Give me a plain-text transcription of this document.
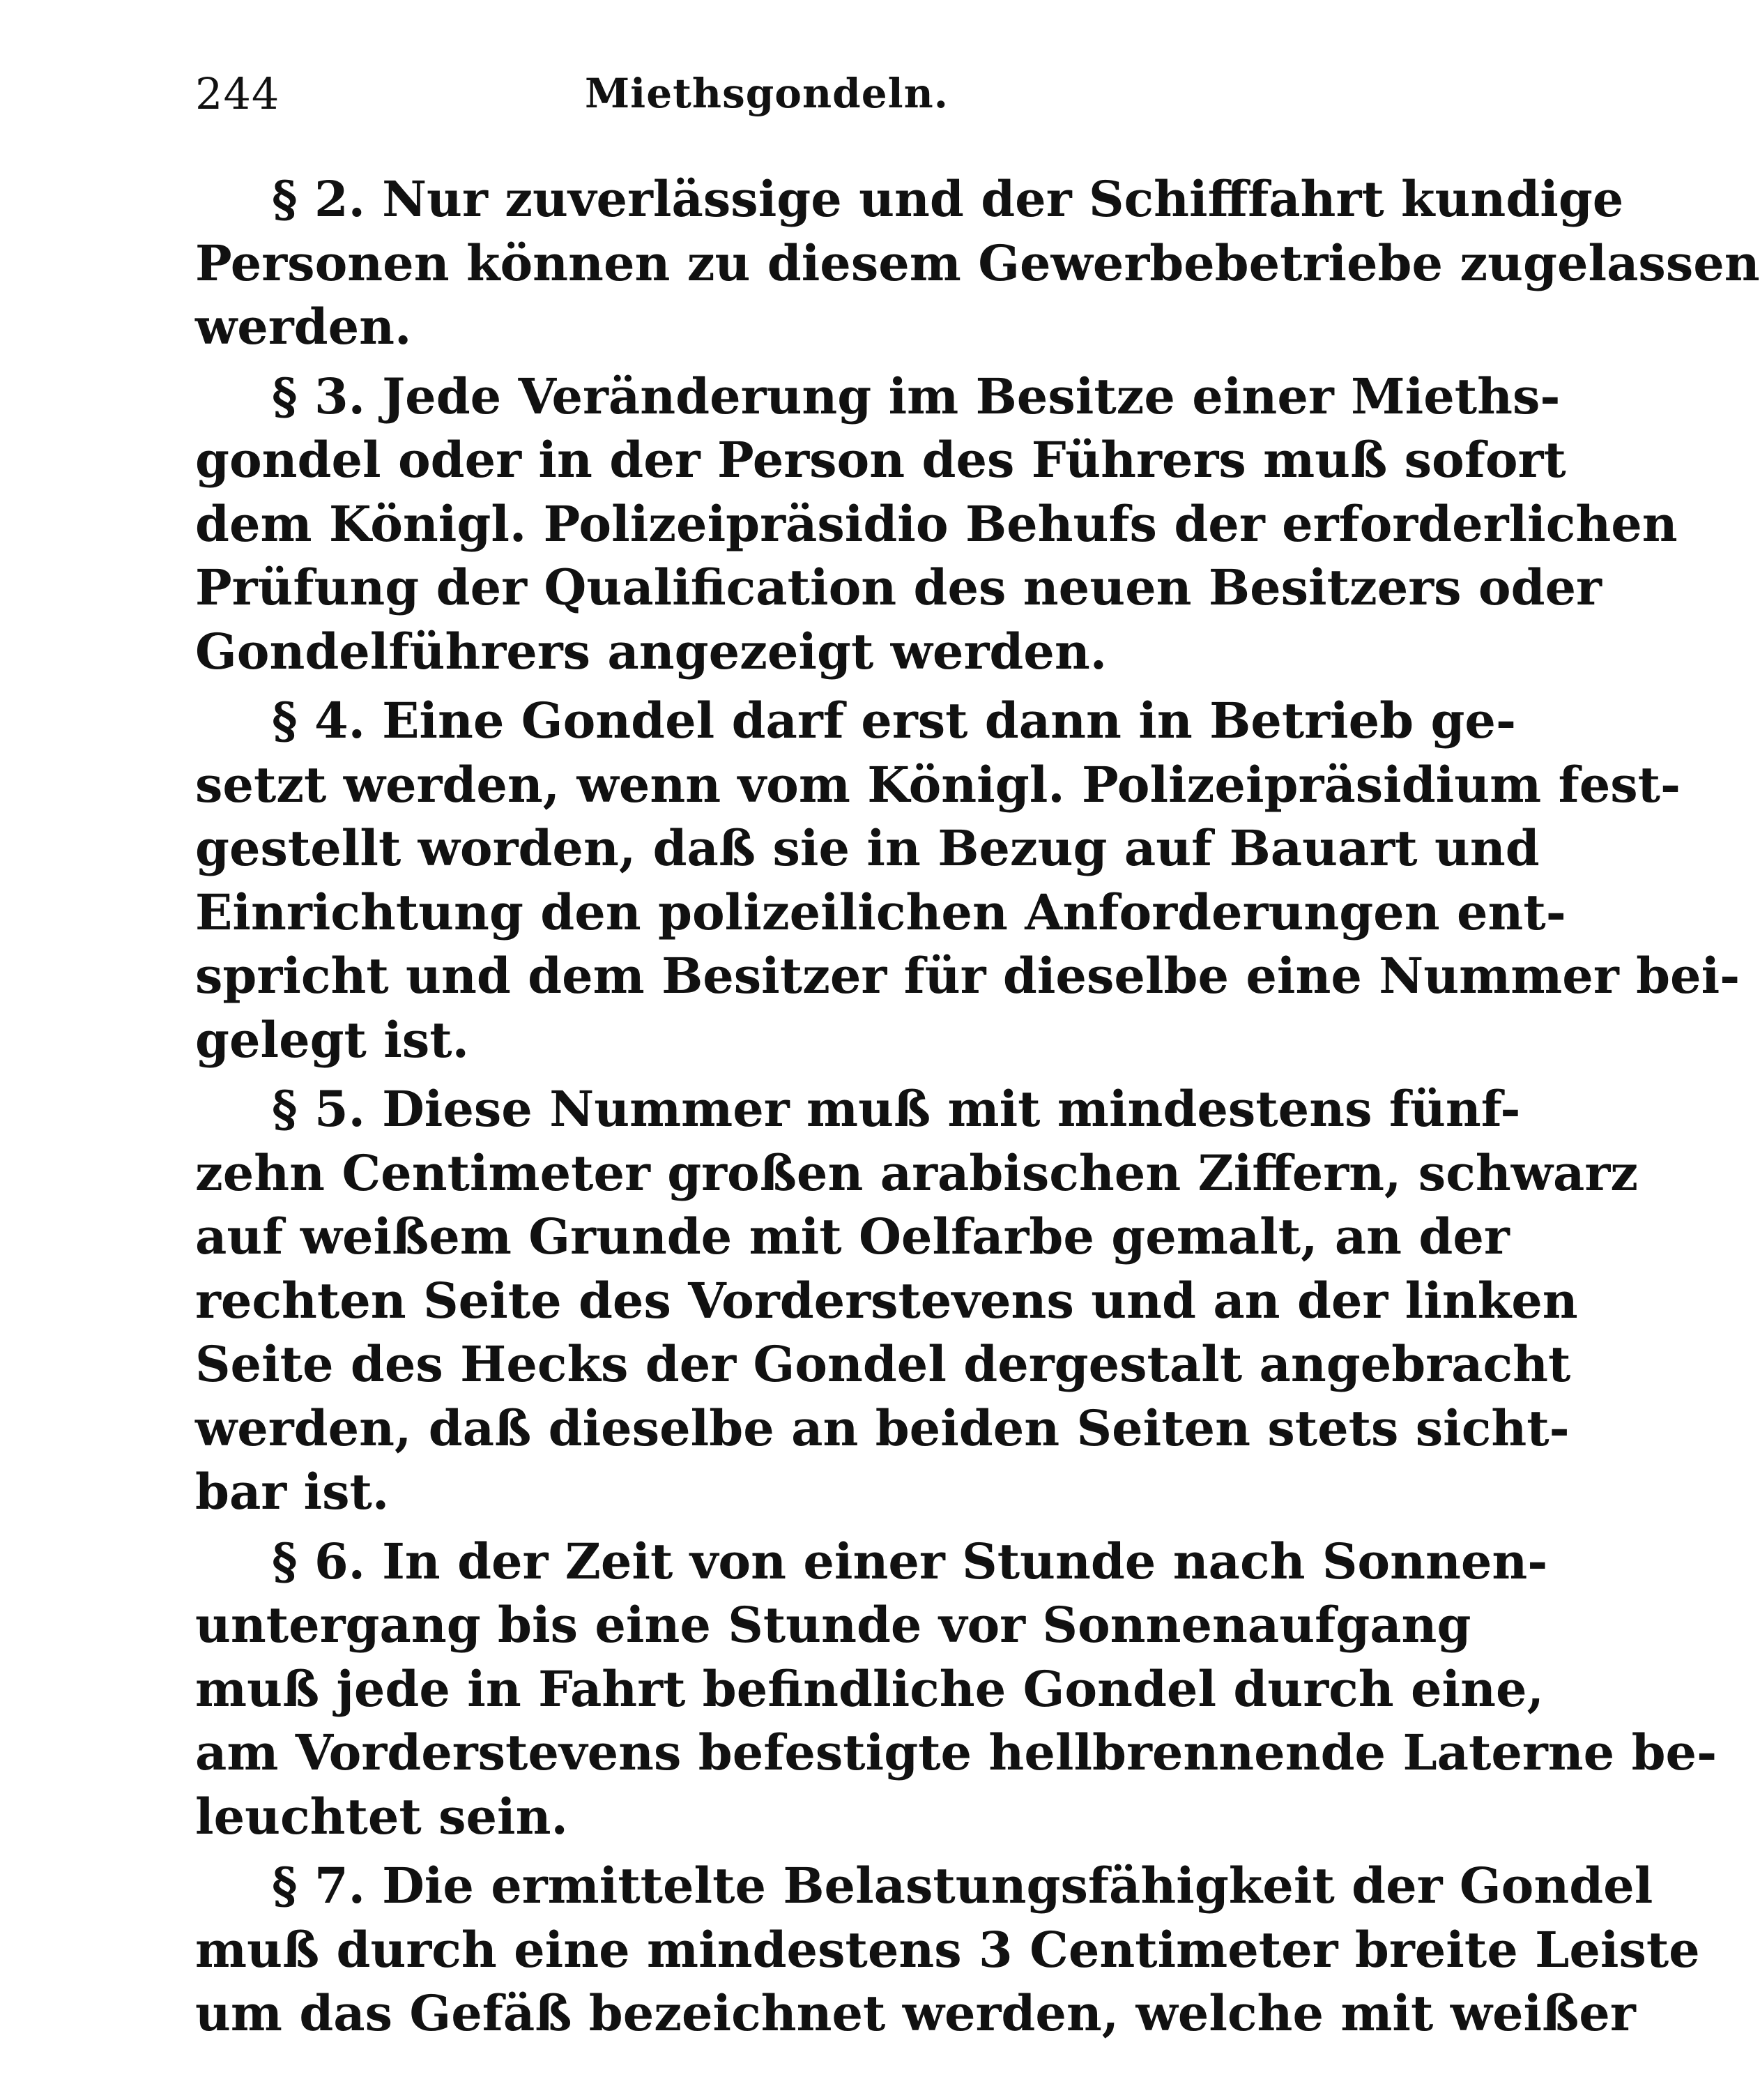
244	Miethsgondeln.
§ 2. Nur zuverlässige und der Schifffahrt kundige
Personen können zu diesem Gewerbebetriebe zugelassen
werden.
§ 3. Jede Veränderung im Besitze einer Mieths-
gondel oder in der Person des Führers muß sofort
dem Königl. Polizeipräsidio Behufs der erforderlichen
Prüfung der Qualification des neuen Besitzers oder
Gondelführers angezeigt werden.
§ 4. Eine Gondel darf erst dann in Betrieb ge-
setzt werden, wenn vom Königl. Polizeipräsidium fest-
gestellt worden, daß sie in Bezug auf Bauart und
Einrichtung den polizeilichen Anforderungen ent-
spricht und dem Besitzer für dieselbe eine Nummer bei-
gelegt ist.
§ 5. Diese Nummer muß mit mindestens fünf-
zehn Centimeter großen arabischen Ziffern, schwarz
auf weißem Grunde mit Oelfarbe gemalt, an der
rechten Seite des Vorderstevens und an der linken
Seite des Hecks der Gondel dergestalt angebracht
werden, daß dieselbe an beiden Seiten stets sicht-
bar ist.
§ 6. In der Zeit von einer Stunde nach Sonnen-
untergang bis eine Stunde vor Sonnenaufgang
muß jede in Fahrt befindliche Gondel durch eine,
am Vorderstevens befestigte hellbrennende Laterne be-
leuchtet sein.
§ 7. Die ermittelte Belastungsfähigkeit der Gondel
muß durch eine mindestens 3 Centimeter breite Leiste
um das Gefäß bezeichnet werden, welche mit weißer
